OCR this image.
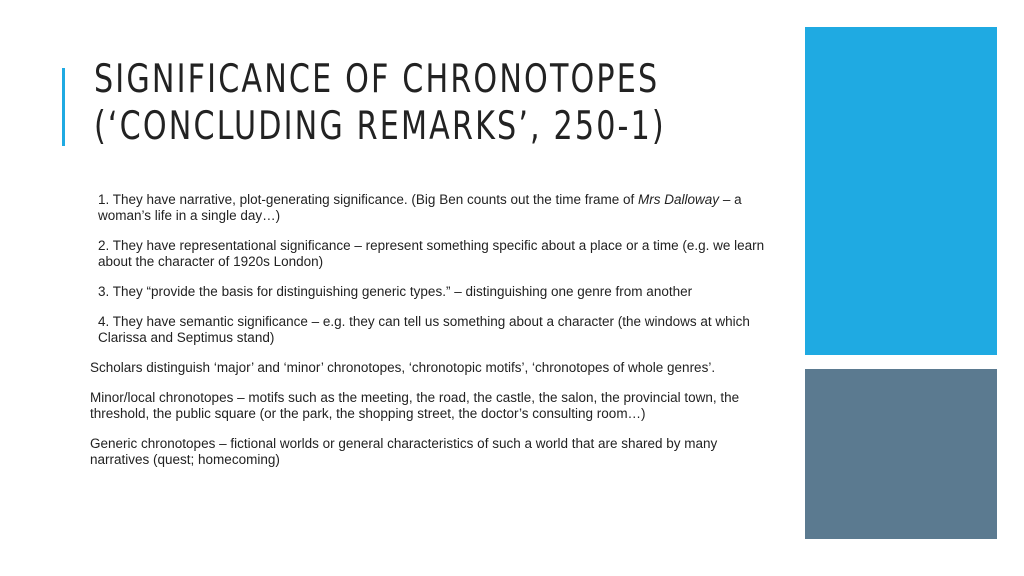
SIGNIFICANCE OF CHRONOTOPES
(‘CONCLUDING REMARKS’, 250-1)

1. They have narrative, plot-generating significance. (Big Ben counts out the time frame of Mrs Dalloway – a woman’s life in a single day…)

2. They have representational significance – represent something specific about a place or a time (e.g. we learn about the character of 1920s London)

3. They “provide the basis for distinguishing generic types.” – distinguishing one genre from another

4. They have semantic significance – e.g. they can tell us something about a character (the windows at which Clarissa and Septimus stand)

Scholars distinguish ‘major’ and ‘minor’ chronotopes, ‘chronotopic motifs’, ‘chronotopes of whole genres’.

Minor/local chronotopes – motifs such as the meeting, the road, the castle, the salon, the provincial town, the threshold, the public square (or the park, the shopping street, the doctor’s consulting room…)

Generic chronotopes – fictional worlds or general characteristics of such a world that are shared by many narratives (quest; homecoming)
